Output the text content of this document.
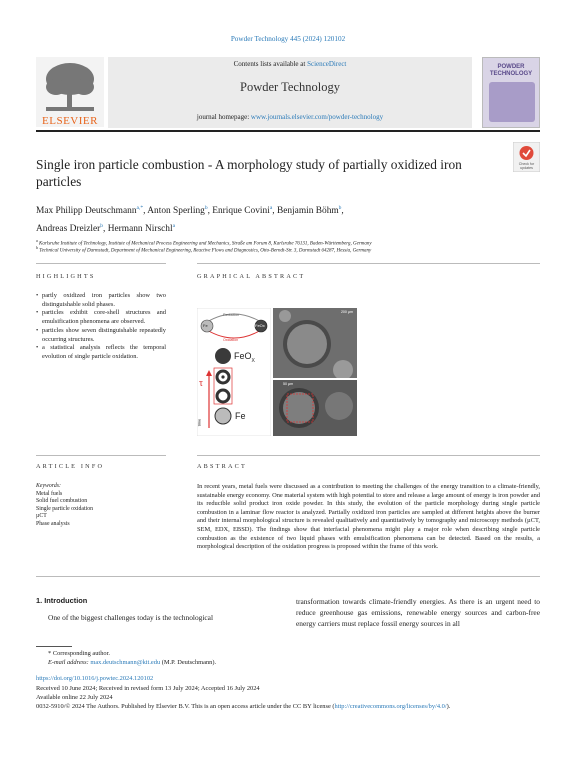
Powder Technology 445 (2024) 120102
ELSEVIER
Contents lists available at ScienceDirect
Powder Technology
journal homepage: www.journals.elsevier.com/powder-technology
POWDER
TECHNOLOGY
Single iron particle combustion - A morphology study of partially oxidized iron particles
Check for updates
Max Philipp Deutschmann$^{a,*}$, Anton Sperling$^b$, Enrique Covini$^a$, Benjamin Böhm$^b$,
Andreas Dreizler$^b$, Hermann Nirschl$^a$
$^a$ Karlsruhe Institute of Technology, Institute of Mechanical Process Engineering and Mechanics, Straße am Forum 8, Karlsruhe 76131, Baden-Württemberg, Germany
$^b$ Technical University of Darmstadt, Department of Mechanical Engineering, Reactive Flows and Diagnostics, Otto-Berndt-Str. 3, Darmstadt 64287, Hessia, Germany
HIGHLIGHTS
• partly oxidized iron particles show two distinguishable solid phases.
• particles exhibit core-shell structures and emulsification phenomena are observed.
• particles show seven distinguishable repeatedly occurring structures.
• a statistical analysis reflects the temporal evolution of single particle oxidation.
GRAPHICAL ABSTRACT
Reduction
Oxidation
Fe	FeOx
FeO$_X$
Fe
τ
time
200 µm
50 µm
ARTICLE INFO
Keywords:
Metal fuels
Solid fuel combustion
Single particle oxidation
µCT
Phase analysis
ABSTRACT
In recent years, metal fuels were discussed as a contribution to meeting the challenges of the energy transition to a climate-friendly, sustainable energy economy. One material system with high potential to store and release a large amount of energy is iron powder and its reducible solid product iron oxide powder. In this study, the evolution of the particle morphology during single particle combustion in a laminar flow reactor is analyzed. Partially oxidized iron particles are sampled at different heights above the burner and their internal morphological structure is revealed qualitatively and quantitatively by tomography and microscopy methods (µCT, SEM, EDX, EBSD). The findings show that interfacial phenomena might play a major role when describing single particle combustion as the existence of two liquid phases with emulsification phenomena can be detected. Based on the results, a morphological description of the oxidation progress is proposed within the frame of this work.
1. Introduction
One of the biggest challenges today is the technological
transformation towards climate-friendly energies. As there is an urgent need to reduce greenhouse gas emissions, renewable energy sources and carbon-free energy carriers must replace fossil energy sources in all
* Corresponding author.
E-mail address: max.deutschmann@kit.edu (M.P. Deutschmann).
https://doi.org/10.1016/j.powtec.2024.120102
Received 10 June 2024; Received in revised form 13 July 2024; Accepted 16 July 2024
Available online 22 July 2024
0032-5910/© 2024 The Authors. Published by Elsevier B.V. This is an open access article under the CC BY license (http://creativecommons.org/licenses/by/4.0/).
